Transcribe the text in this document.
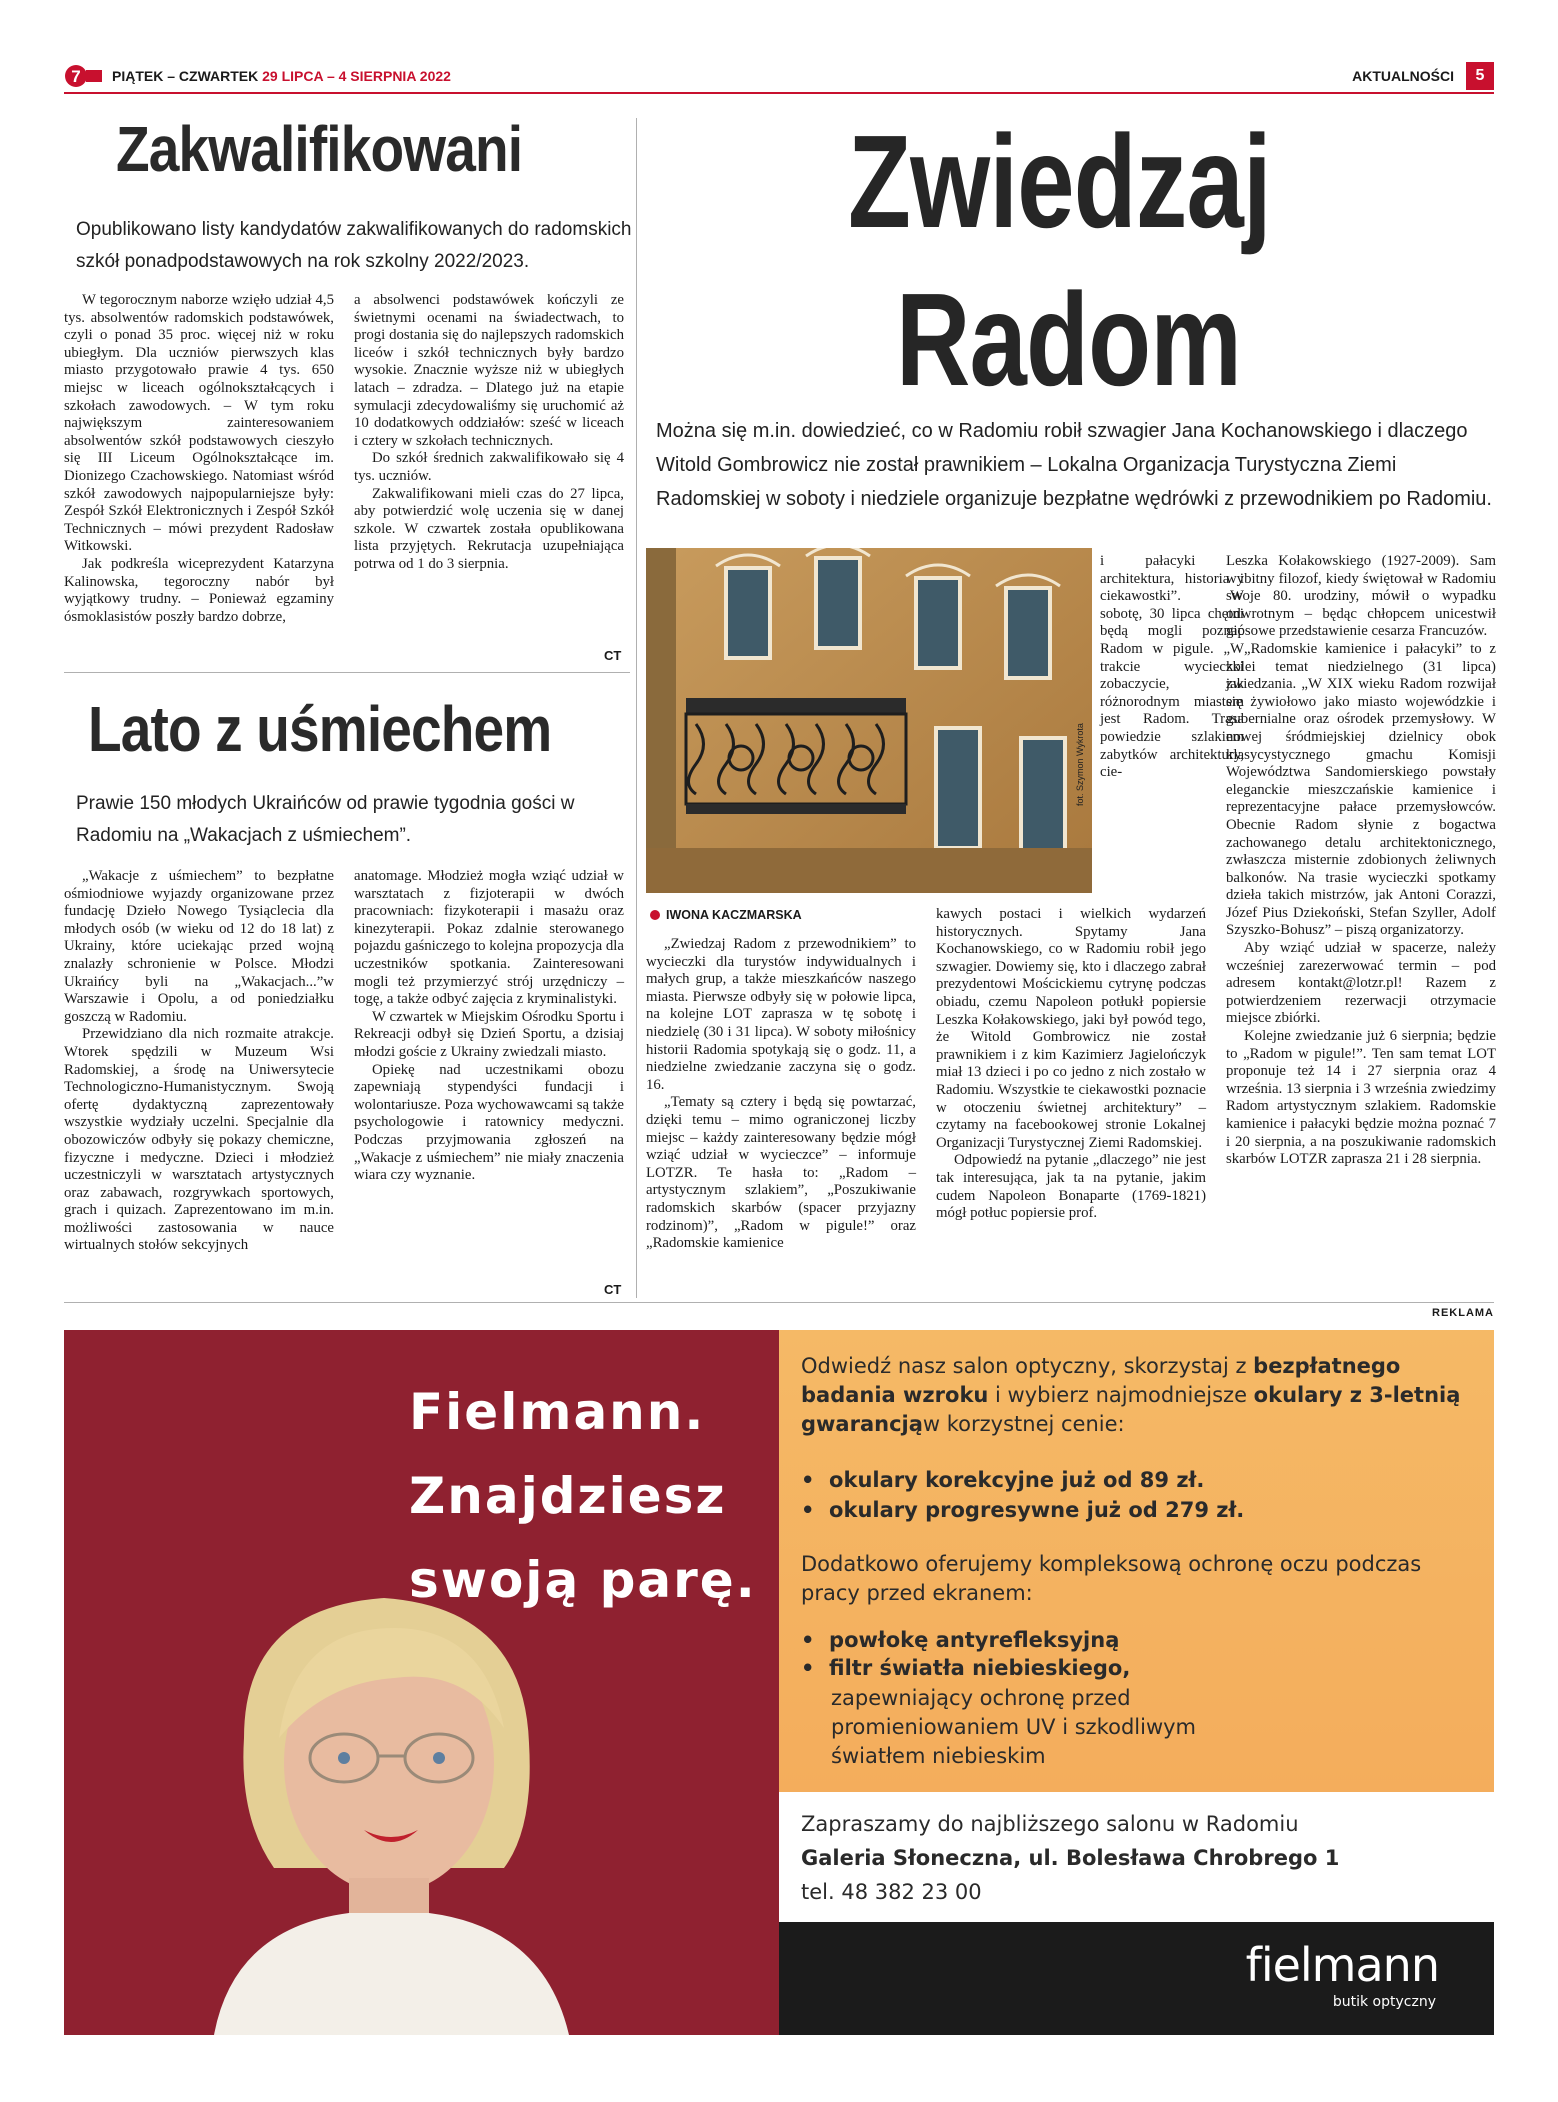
7 PIĄTEK – CZWARTEK 29 LIPCA – 4 SIERPNIA 2022	AKTUALNOŚCI	5
Zakwalifikowani
Opublikowano listy kandydatów zakwalifikowanych do radomskich szkół ponadpodstawowych na rok szkolny 2022/2023.

W tegorocznym naborze wzięło udział 4,5 tys. absolwentów radomskich podstawówek, czyli o ponad 35 proc. więcej niż w roku ubiegłym. Dla uczniów pierwszych klas miasto przygotowało prawie 4 tys. 650 miejsc w liceach ogólnokształcących i szkołach zawodowych. – W tym roku największym zainteresowaniem absolwentów szkół podstawowych cieszyło się III Liceum Ogólnokształcące im. Dionizego Czachowskiego. Natomiast wśród szkół zawodowych najpopularniejsze były: Zespół Szkół Elektronicznych i Zespół Szkół Technicznych – mówi prezydent Radosław Witkowski.

Jak podkreśla wiceprezydent Katarzyna Kalinowska, tegoroczny nabór był wyjątkowy trudny. – Ponieważ egzaminy ósmoklasistów poszły bardzo dobrze,

a absolwenci podstawówek kończyli ze świetnymi ocenami na świadectwach, to progi dostania się do najlepszych radomskich liceów i szkół technicznych były bardzo wysokie. Znacznie wyższe niż w ubiegłych latach – zdradza. – Dlatego już na etapie symulacji zdecydowaliśmy się uruchomić aż 10 dodatkowych oddziałów: sześć w liceach i cztery w szkołach technicznych.

Do szkół średnich zakwalifikowało się 4 tys. uczniów.

Zakwalifikowani mieli czas do 27 lipca, aby potwierdzić wolę uczenia się w danej szkole. W czwartek została opublikowana lista przyjętych. Rekrutacja uzupełniająca potrwa od 1 do 3 sierpnia.

CT
Lato z uśmiechem
Prawie 150 młodych Ukraińców od prawie tygodnia gości w Radomiu na „Wakacjach z uśmiechem”.

„Wakacje z uśmiechem” to bezpłatne ośmiodniowe wyjazdy organizowane przez fundację Dzieło Nowego Tysiąclecia dla młodych osób (w wieku od 12 do 18 lat) z Ukrainy, które uciekając przed wojną znalazły schronienie w Polsce. Młodzi Ukraińcy byli na „Wakacjach...”w Warszawie i Opolu, a od poniedziałku goszczą w Radomiu.

Przewidziano dla nich rozmaite atrakcje. Wtorek spędzili w Muzeum Wsi Radomskiej, a środę na Uniwersytecie Technologiczno-Humanistycznym. Swoją ofertę dydaktyczną zaprezentowały wszystkie wydziały uczelni. Specjalnie dla obozowiczów odbyły się pokazy chemiczne, fizyczne i medyczne. Dzieci i młodzież uczestniczyli w warsztatach artystycznych oraz zabawach, rozgrywkach sportowych, grach i quizach. Zaprezentowano im m.in. możliwości zastosowania w nauce wirtualnych stołów sekcyjnych

anatomage. Młodzież mogła wziąć udział w warsztatach z fizjoterapii w dwóch pracowniach: fizykoterapii i masażu oraz kinezyterapii. Pokaz zdalnie sterowanego pojazdu gaśniczego to kolejna propozycja dla uczestników spotkania. Zainteresowani mogli też przymierzyć strój urzędniczy – togę, a także odbyć zajęcia z kryminalistyki.

W czwartek w Miejskim Ośrodku Sportu i Rekreacji odbył się Dzień Sportu, a dzisiaj młodzi goście z Ukrainy zwiedzali miasto.

Opiekę nad uczestnikami obozu zapewniają stypendyści fundacji i wolontariusze. Poza wychowawcami są także psychologowie i ratownicy medyczni. Podczas przyjmowania zgłoszeń na „Wakacje z uśmiechem” nie miały znaczenia wiara czy wyznanie.

CT
Zwiedzaj
Radom
Można się m.in. dowiedzieć, co w Radomiu robił szwagier Jana Kochanowskiego i dlaczego Witold Gombrowicz nie został prawnikiem – Lokalna Organizacja Turystyczna Ziemi Radomskiej w soboty i niedziele organizuje bezpłatne wędrówki z przewodnikiem po Radomiu.
fot. Szymon Wykrota
IWONA KACZMARSKA

i pałacyki – architektura, historia i ciekawostki”. W sobotę, 30 lipca chętni będą mogli poznać Radom w pigule. „W trakcie wycieczki zobaczycie, jak różnorodnym miastem jest Radom. Trasa powiedzie szlakiem zabytków architektury, cie-

„Zwiedzaj Radom z przewodnikiem” to wycieczki dla turystów indywidualnych i małych grup, a także mieszkańców naszego miasta. Pierwsze odbyły się w połowie lipca, na kolejne LOT zaprasza w tę sobotę i niedzielę (30 i 31 lipca). W soboty miłośnicy historii Radomia spotykają się o godz. 11, a niedzielne zwiedzanie zaczyna się o godz. 16.

„Tematy są cztery i będą się powtarzać, dzięki temu – mimo ograniczonej liczby miejsc – każdy zainteresowany będzie mógł wziąć udział w wycieczce” – informuje LOTZR. Te hasła to: „Radom – artystycznym szlakiem”, „Poszukiwanie radomskich skarbów (spacer przyjazny rodzinom)”, „Radom w pigule!” oraz „Radomskie kamienice

kawych postaci i wielkich wydarzeń historycznych. Spytamy Jana Kochanowskiego, co w Radomiu robił jego szwagier. Dowiemy się, kto i dlaczego zabrał prezydentowi Mościckiemu cytrynę podczas obiadu, czemu Napoleon potłukł popiersie Leszka Kołakowskiego, jaki był powód tego, że Witold Gombrowicz nie został prawnikiem i z kim Kazimierz Jagielończyk miał 13 dzieci i po co jedno z nich zostało w Radomiu. Wszystkie te ciekawostki poznacie w otoczeniu świetnej architektury” – czytamy na facebookowej stronie Lokalnej Organizacji Turystycznej Ziemi Radomskiej.

Odpowiedź na pytanie „dlaczego” nie jest tak interesująca, jak ta na pytanie, jakim cudem Napoleon Bonaparte (1769-1821) mógł potłuc popiersie prof.

Leszka Kołakowskiego (1927-2009). Sam wybitny filozof, kiedy świętował w Radomiu swoje 80. urodziny, mówił o wypadku odwrotnym – będąc chłopcem unicestwił gipsowe przedstawienie cesarza Francuzów.

„Radomskie kamienice i pałacyki” to z kolei temat niedzielnego (31 lipca) zwiedzania. „W XIX wieku Radom rozwijał się żywiołowo jako miasto wojewódzkie i gubernialne oraz ośrodek przemysłowy. W nowej śródmiejskiej dzielnicy obok klasycystycznego gmachu Komisji Województwa Sandomierskiego powstały eleganckie mieszczańskie kamienice i reprezentacyjne pałace przemysłowców. Obecnie Radom słynie z bogactwa zachowanego detalu architektonicznego, zwłaszcza misternie zdobionych żeliwnych balkonów. Na trasie wycieczki spotkamy dzieła takich mistrzów, jak Antoni Corazzi, Józef Pius Dziekoński, Stefan Szyller, Adolf Szyszko-Bohusz” – piszą organizatorzy.

Aby wziąć udział w spacerze, należy wcześniej zarezerwować termin – pod adresem kontakt@lotzr.pl! Razem z potwierdzeniem rezerwacji otrzymacie miejsce zbiórki.

Kolejne zwiedzanie już 6 sierpnia; będzie to „Radom w pigule!”. Ten sam temat LOT proponuje też 14 i 27 sierpnia oraz 4 września. 13 sierpnia i 3 września zwiedzimy Radom artystycznym szlakiem. Radomskie kamienice i pałacyki będzie można poznać 7 i 20 sierpnia, a na poszukiwanie radomskich skarbów LOTZR zaprasza 21 i 28 sierpnia.

REKLAMA
Fielmann.
Znajdziesz
swoją parę.
Odwiedź nasz salon optyczny, skorzystaj z bezpłatnego badania wzroku i wybierz najmodniejsze okulary z 3-letnią gwarancjąw korzystnej cenie:
•  okulary korekcyjne już od 89 zł.
•  okulary progresywne już od 279 zł.
Dodatkowo oferujemy kompleksową ochronę oczu podczas pracy przed ekranem:
•  powłokę antyrefleksyjną
•  filtr światła niebieskiego,
zapewniający ochronę przed promieniowaniem UV i szkodliwym światłem niebieskim
Zapraszamy do najbliższego salonu w Radomiu
Galeria Słoneczna, ul. Bolesława Chrobrego 1
tel. 48 382 23 00
fielmann
butik optyczny
